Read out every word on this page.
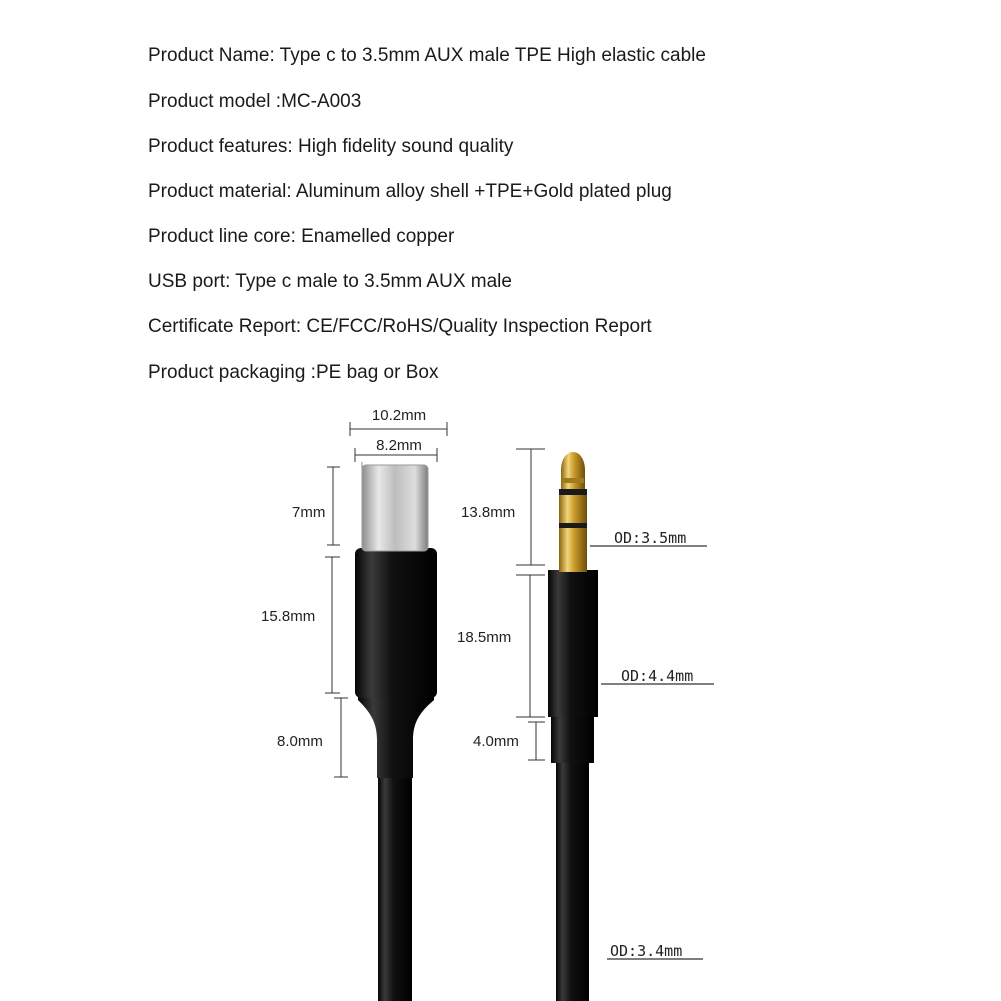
Product Name: Type c to 3.5mm AUX male TPE High elastic cable
Product model :MC-A003
Product features: High fidelity sound quality
Product material: Aluminum alloy shell +TPE+Gold plated plug
Product line core: Enamelled copper
USB port: Type c male to 3.5mm AUX male
Certificate Report: CE/FCC/RoHS/Quality Inspection Report
Product packaging :PE bag or Box
10.2mm
8.2mm
7mm
15.8mm
8.0mm
13.8mm
18.5mm
4.0mm
OD:3.5mm
OD:4.4mm
OD:3.4mm
